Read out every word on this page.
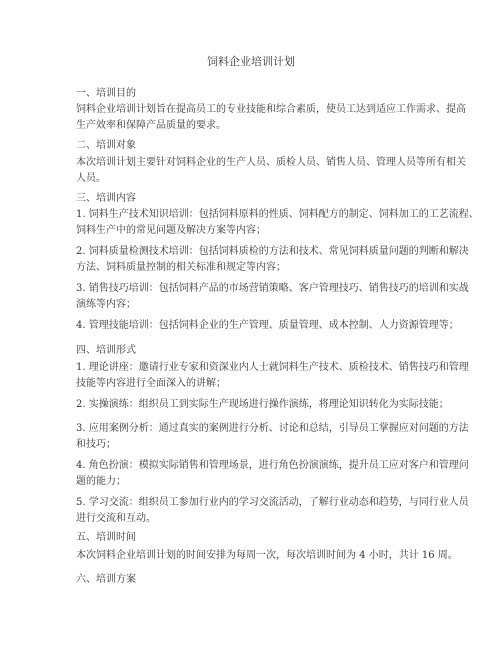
饲料企业培训计划
一、培训目的
饲料企业培训计划旨在提高员工的专业技能和综合素质，使员工达到适应工作需求、提高
生产效率和保障产品质量的要求。
二、培训对象
本次培训计划主要针对饲料企业的生产人员、质检人员、销售人员、管理人员等所有相关
人员。
三、培训内容
1. 饲料生产技术知识培训：包括饲料原料的性质、饲料配方的制定、饲料加工的工艺流程、
饲料生产中的常见问题及解决方案等内容；
2. 饲料质量检测技术培训：包括饲料质检的方法和技术、常见饲料质量问题的判断和解决
方法、饲料质量控制的相关标准和规定等内容；
3. 销售技巧培训：包括饲料产品的市场营销策略、客户管理技巧、销售技巧的培训和实战
演练等内容；
4. 管理技能培训：包括饲料企业的生产管理、质量管理、成本控制、人力资源管理等；
四、培训形式
1. 理论讲座：邀请行业专家和资深业内人士就饲料生产技术、质检技术、销售技巧和管理
技能等内容进行全面深入的讲解；
2. 实操演练：组织员工到实际生产现场进行操作演练，将理论知识转化为实际技能；
3. 应用案例分析：通过真实的案例进行分析、讨论和总结，引导员工掌握应对问题的方法
和技巧；
4. 角色扮演：模拟实际销售和管理场景，进行角色扮演演练，提升员工应对客户和管理问
题的能力；
5. 学习交流：组织员工参加行业内的学习交流活动，了解行业动态和趋势，与同行业人员
进行交流和互动。
五、培训时间
本次饲料企业培训计划的时间安排为每周一次，每次培训时间为 4 小时，共计 16 周。
六、培训方案
